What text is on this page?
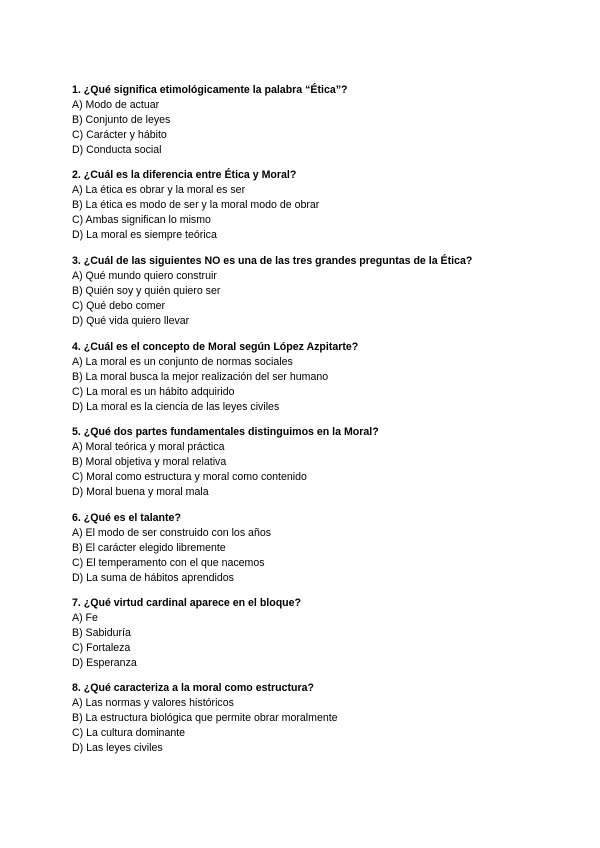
1. ¿Qué significa etimológicamente la palabra “Ética”?
A) Modo de actuar
B) Conjunto de leyes
C) Carácter y hábito
D) Conducta social
2. ¿Cuál es la diferencia entre Ética y Moral?
A) La ética es obrar y la moral es ser
B) La ética es modo de ser y la moral modo de obrar
C) Ambas significan lo mismo
D) La moral es siempre teórica
3. ¿Cuál de las siguientes NO es una de las tres grandes preguntas de la Ética?
A) Qué mundo quiero construir
B) Quién soy y quién quiero ser
C) Qué debo comer
D) Qué vida quiero llevar
4. ¿Cuál es el concepto de Moral según López Azpitarte?
A) La moral es un conjunto de normas sociales
B) La moral busca la mejor realización del ser humano
C) La moral es un hábito adquirido
D) La moral es la ciencia de las leyes civiles
5. ¿Qué dos partes fundamentales distinguimos en la Moral?
A) Moral teórica y moral práctica
B) Moral objetiva y moral relativa
C) Moral como estructura y moral como contenido
D) Moral buena y moral mala
6. ¿Qué es el talante?
A) El modo de ser construido con los años
B) El carácter elegido libremente
C) El temperamento con el que nacemos
D) La suma de hábitos aprendidos
7. ¿Qué virtud cardinal aparece en el bloque?
A) Fe
B) Sabiduría
C) Fortaleza
D) Esperanza
8. ¿Qué caracteriza a la moral como estructura?
A) Las normas y valores históricos
B) La estructura biológica que permite obrar moralmente
C) La cultura dominante
D) Las leyes civiles
